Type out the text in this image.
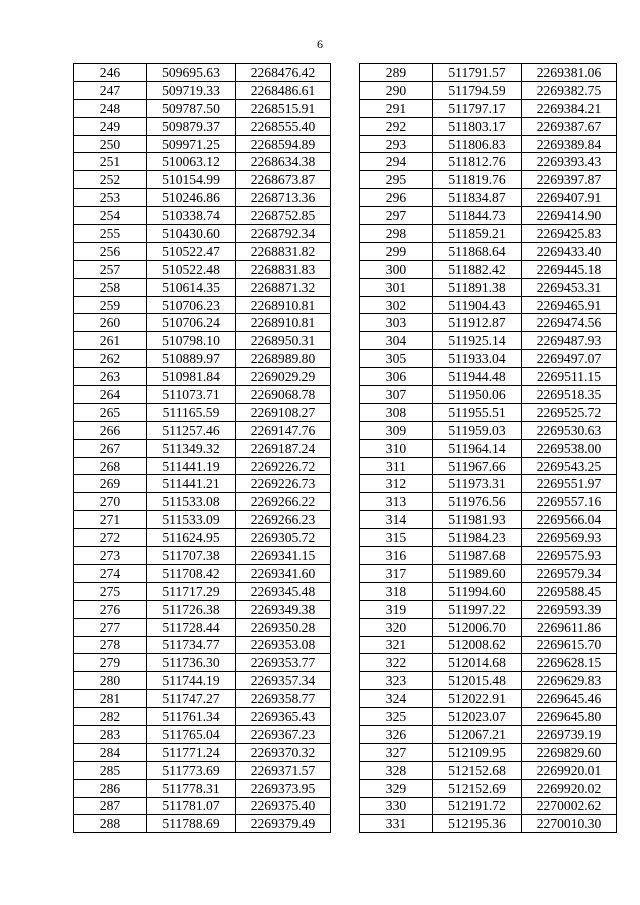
6
246	509695.63	2268476.42
247	509719.33	2268486.61
248	509787.50	2268515.91
249	509879.37	2268555.40
250	509971.25	2268594.89
251	510063.12	2268634.38
252	510154.99	2268673.87
253	510246.86	2268713.36
254	510338.74	2268752.85
255	510430.60	2268792.34
256	510522.47	2268831.82
257	510522.48	2268831.83
258	510614.35	2268871.32
259	510706.23	2268910.81
260	510706.24	2268910.81
261	510798.10	2268950.31
262	510889.97	2268989.80
263	510981.84	2269029.29
264	511073.71	2269068.78
265	511165.59	2269108.27
266	511257.46	2269147.76
267	511349.32	2269187.24
268	511441.19	2269226.72
269	511441.21	2269226.73
270	511533.08	2269266.22
271	511533.09	2269266.23
272	511624.95	2269305.72
273	511707.38	2269341.15
274	511708.42	2269341.60
275	511717.29	2269345.48
276	511726.38	2269349.38
277	511728.44	2269350.28
278	511734.77	2269353.08
279	511736.30	2269353.77
280	511744.19	2269357.34
281	511747.27	2269358.77
282	511761.34	2269365.43
283	511765.04	2269367.23
284	511771.24	2269370.32
285	511773.69	2269371.57
286	511778.31	2269373.95
287	511781.07	2269375.40
288	511788.69	2269379.49
289	511791.57	2269381.06
290	511794.59	2269382.75
291	511797.17	2269384.21
292	511803.17	2269387.67
293	511806.83	2269389.84
294	511812.76	2269393.43
295	511819.76	2269397.87
296	511834.87	2269407.91
297	511844.73	2269414.90
298	511859.21	2269425.83
299	511868.64	2269433.40
300	511882.42	2269445.18
301	511891.38	2269453.31
302	511904.43	2269465.91
303	511912.87	2269474.56
304	511925.14	2269487.93
305	511933.04	2269497.07
306	511944.48	2269511.15
307	511950.06	2269518.35
308	511955.51	2269525.72
309	511959.03	2269530.63
310	511964.14	2269538.00
311	511967.66	2269543.25
312	511973.31	2269551.97
313	511976.56	2269557.16
314	511981.93	2269566.04
315	511984.23	2269569.93
316	511987.68	2269575.93
317	511989.60	2269579.34
318	511994.60	2269588.45
319	511997.22	2269593.39
320	512006.70	2269611.86
321	512008.62	2269615.70
322	512014.68	2269628.15
323	512015.48	2269629.83
324	512022.91	2269645.46
325	512023.07	2269645.80
326	512067.21	2269739.19
327	512109.95	2269829.60
328	512152.68	2269920.01
329	512152.69	2269920.02
330	512191.72	2270002.62
331	512195.36	2270010.30
